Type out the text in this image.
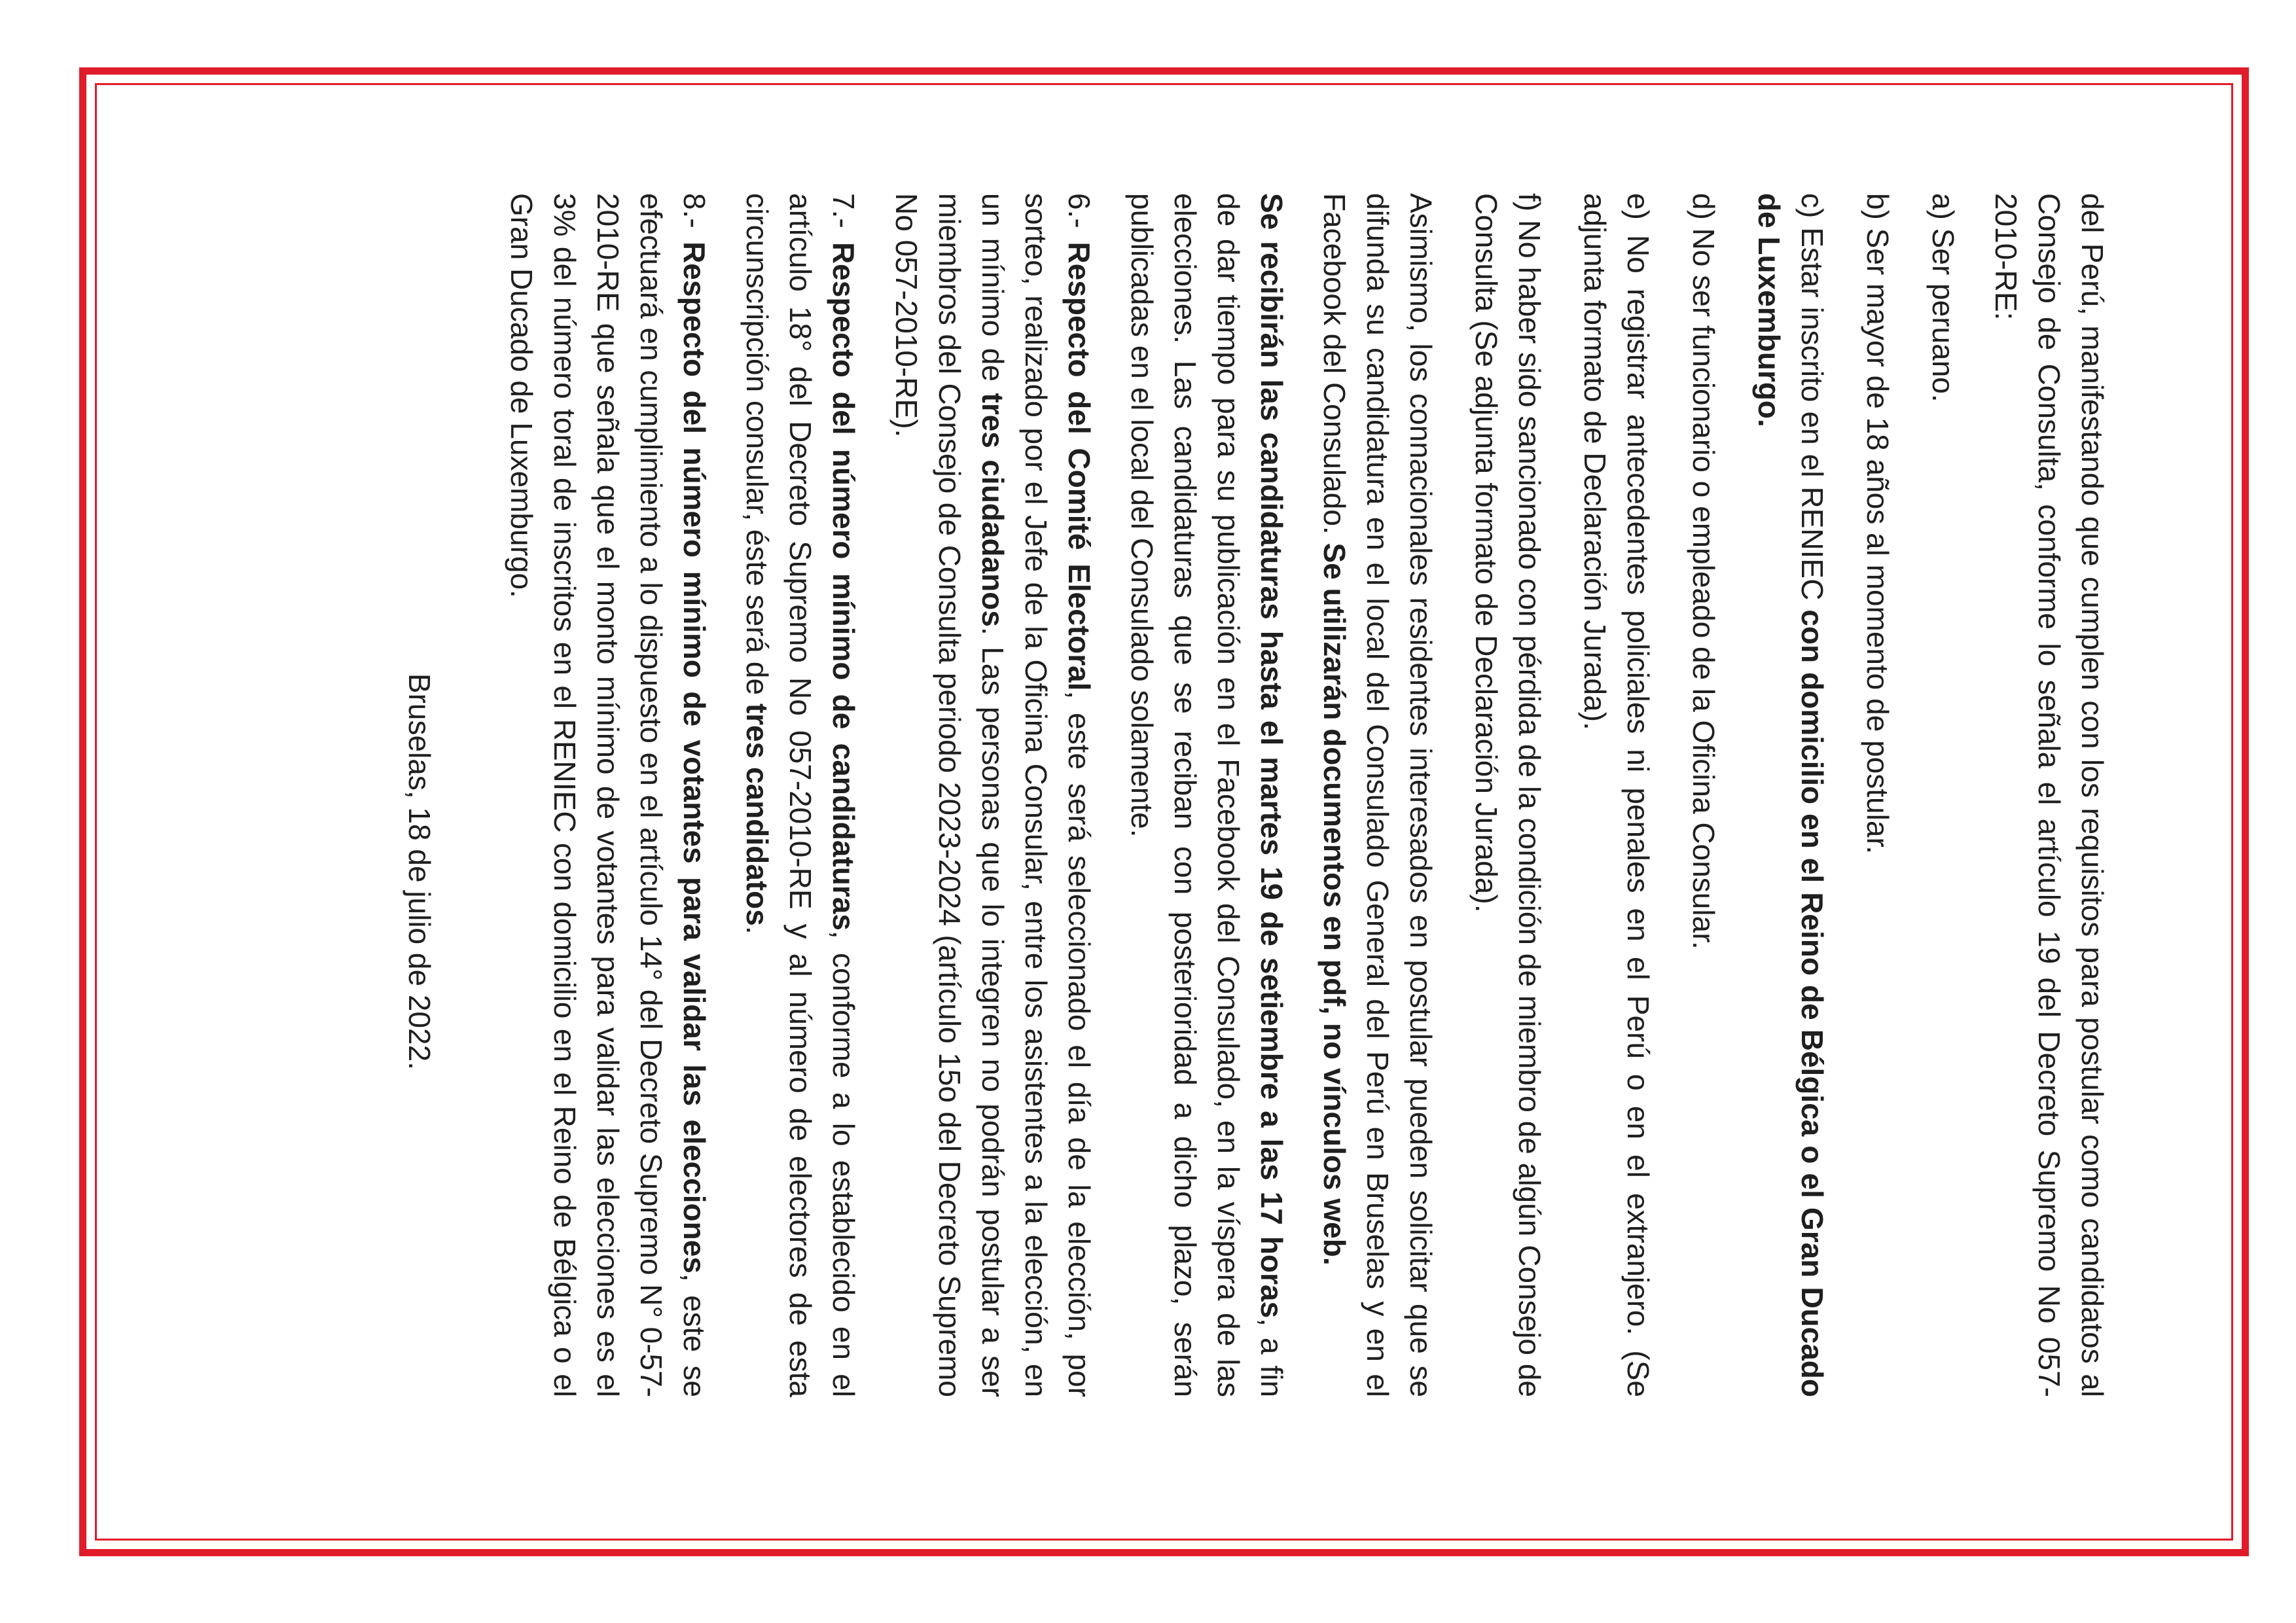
del Perú, manifestando que cumplen con los requisitos para postular como candidatos al Consejo de Consulta, conforme lo señala el artículo 19 del Decreto Supremo No 057-2010-RE:

a) Ser peruano.

b) Ser mayor de 18 años al momento de postular.

c) Estar inscrito en el RENIEC con domicilio en el Reino de Bélgica o el Gran Ducado de Luxemburgo.

d) No ser funcionario o empleado de la Oficina Consular.

e) No registrar antecedentes policiales ni penales en el Perú o en el extranjero. (Se adjunta formato de Declaración Jurada).

f) No haber sido sancionado con pérdida de la condición de miembro de algún Consejo de Consulta (Se adjunta formato de Declaración Jurada).

Asimismo, los connacionales residentes interesados en postular pueden solicitar que se difunda su candidatura en el local del Consulado General del Perú en Bruselas y en el Facebook del Consulado. Se utilizarán documentos en pdf, no vínculos web.

Se recibirán las candidaturas hasta el martes 19 de setiembre a las 17 horas, a fin de dar tiempo para su publicación en el Facebook del Consulado, en la víspera de las elecciones. Las candidaturas que se reciban con posterioridad a dicho plazo, serán publicadas en el local del Consulado solamente.

6.- Respecto del Comité Electoral, este será seleccionado el día de la elección, por sorteo, realizado por el Jefe de la Oficina Consular, entre los asistentes a la elección, en un mínimo de tres ciudadanos. Las personas que lo integren no podrán postular a ser miembros del Consejo de Consulta periodo 2023-2024 (artículo 15o del Decreto Supremo No 057-2010-RE).

7.- Respecto del número mínimo de candidaturas, conforme a lo establecido en el artículo 18° del Decreto Supremo No 057-2010-RE y al número de electores de esta circunscripción consular, éste será de tres candidatos.

8.- Respecto del número mínimo de votantes para validar las elecciones, este se efectuará en cumplimiento a lo dispuesto en el artículo 14° del Decreto Supremo N° 0-57-2010-RE que señala que el monto mínimo de votantes para validar las elecciones es el 3% del número toral de inscritos en el RENIEC con domicilio en el Reino de Bélgica o el Gran Ducado de Luxemburgo.

Bruselas, 18 de julio de 2022.
